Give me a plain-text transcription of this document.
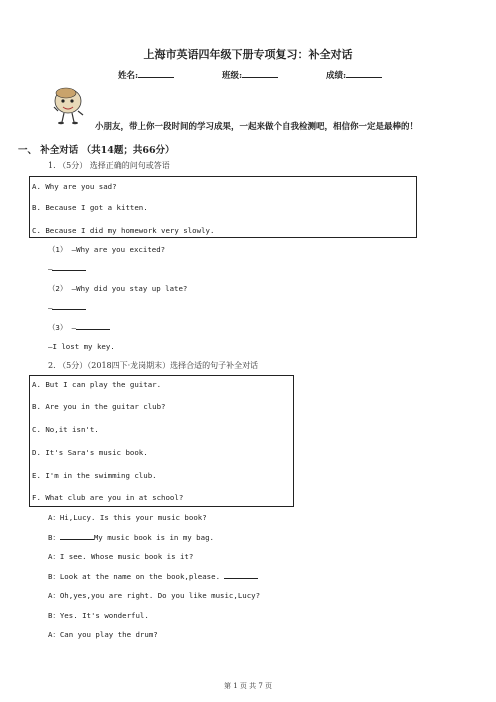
上海市英语四年级下册专项复习：补全对话
姓名:	班级:	成绩:
小朋友，带上你一段时间的学习成果，一起来做个自我检测吧，相信你一定是最棒的！
一、 补全对话 （共14题；共66分）
1. （5分） 选择正确的问句或答语
A. Why are you sad?
B. Because I got a kitten.
C. Because I did my homework very slowly.
（1） —Why are you excited?
—
（2） —Why did you stay up late?
—
（3） —
—I lost my key.
2. （5分）（2018四下·龙岗期末）选择合适的句子补全对话
A. But I can play the guitar.
B. Are you in the guitar club?
C. No,it isn't.
D. It's Sara's music book.
E. I'm in the swimming club.
F. What club are you in at school?
A：Hi,Lucy. Is this your music book?
B：	My music book is in my bag.
A：I see. Whose music book is it?
B：Look at the name on the book,please.
A：Oh,yes,you are right. Do you like music,Lucy?
B：Yes. It's wonderful.
A：Can you play the drum?
第 1 页 共 7 页
